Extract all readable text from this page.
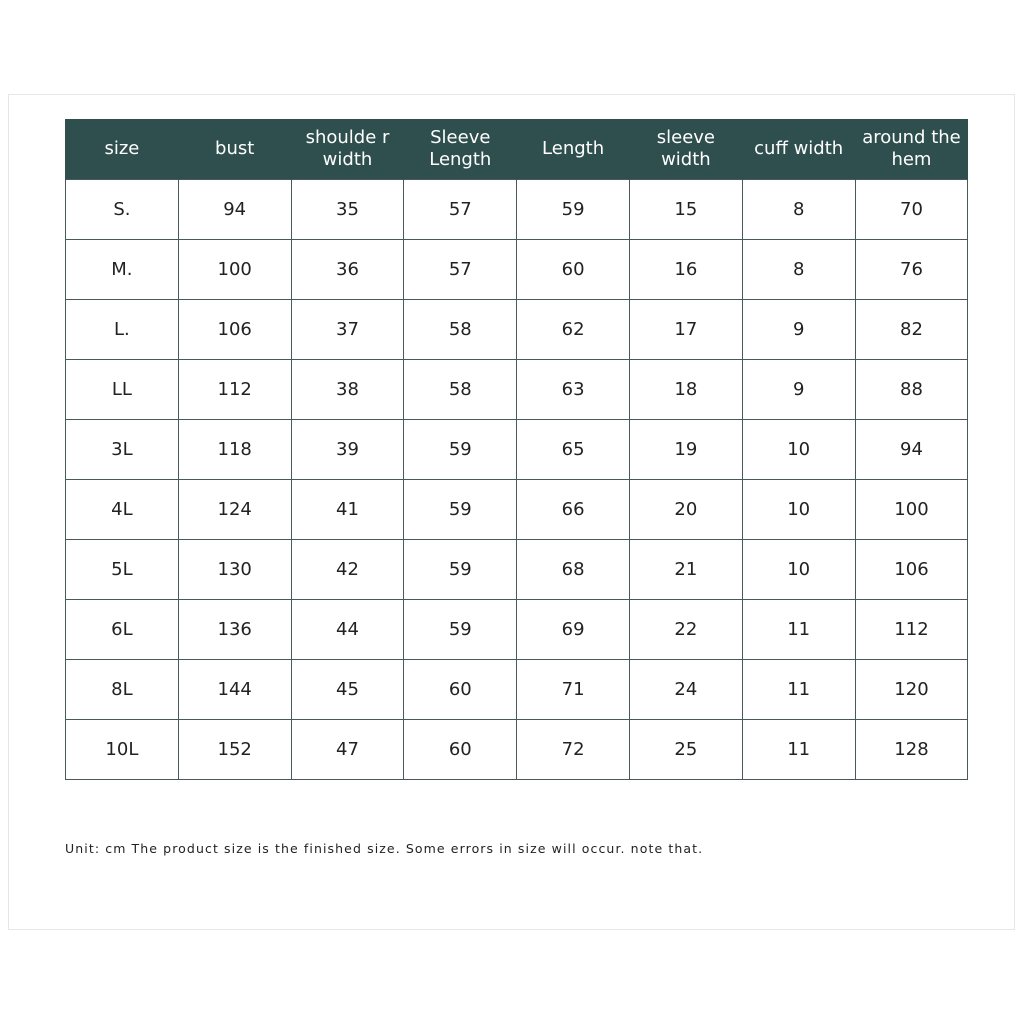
size	bust	shoulde r width	Sleeve Length	Length	sleeve width	cuff width	around the hem
S.	94	35	57	59	15	8	70
M.	100	36	57	60	16	8	76
L.	106	37	58	62	17	9	82
LL	112	38	58	63	18	9	88
3L	118	39	59	65	19	10	94
4L	124	41	59	66	20	10	100
5L	130	42	59	68	21	10	106
6L	136	44	59	69	22	11	112
8L	144	45	60	71	24	11	120
10L	152	47	60	72	25	11	128
Unit: cm The product size is the finished size. Some errors in size will occur. note that.
